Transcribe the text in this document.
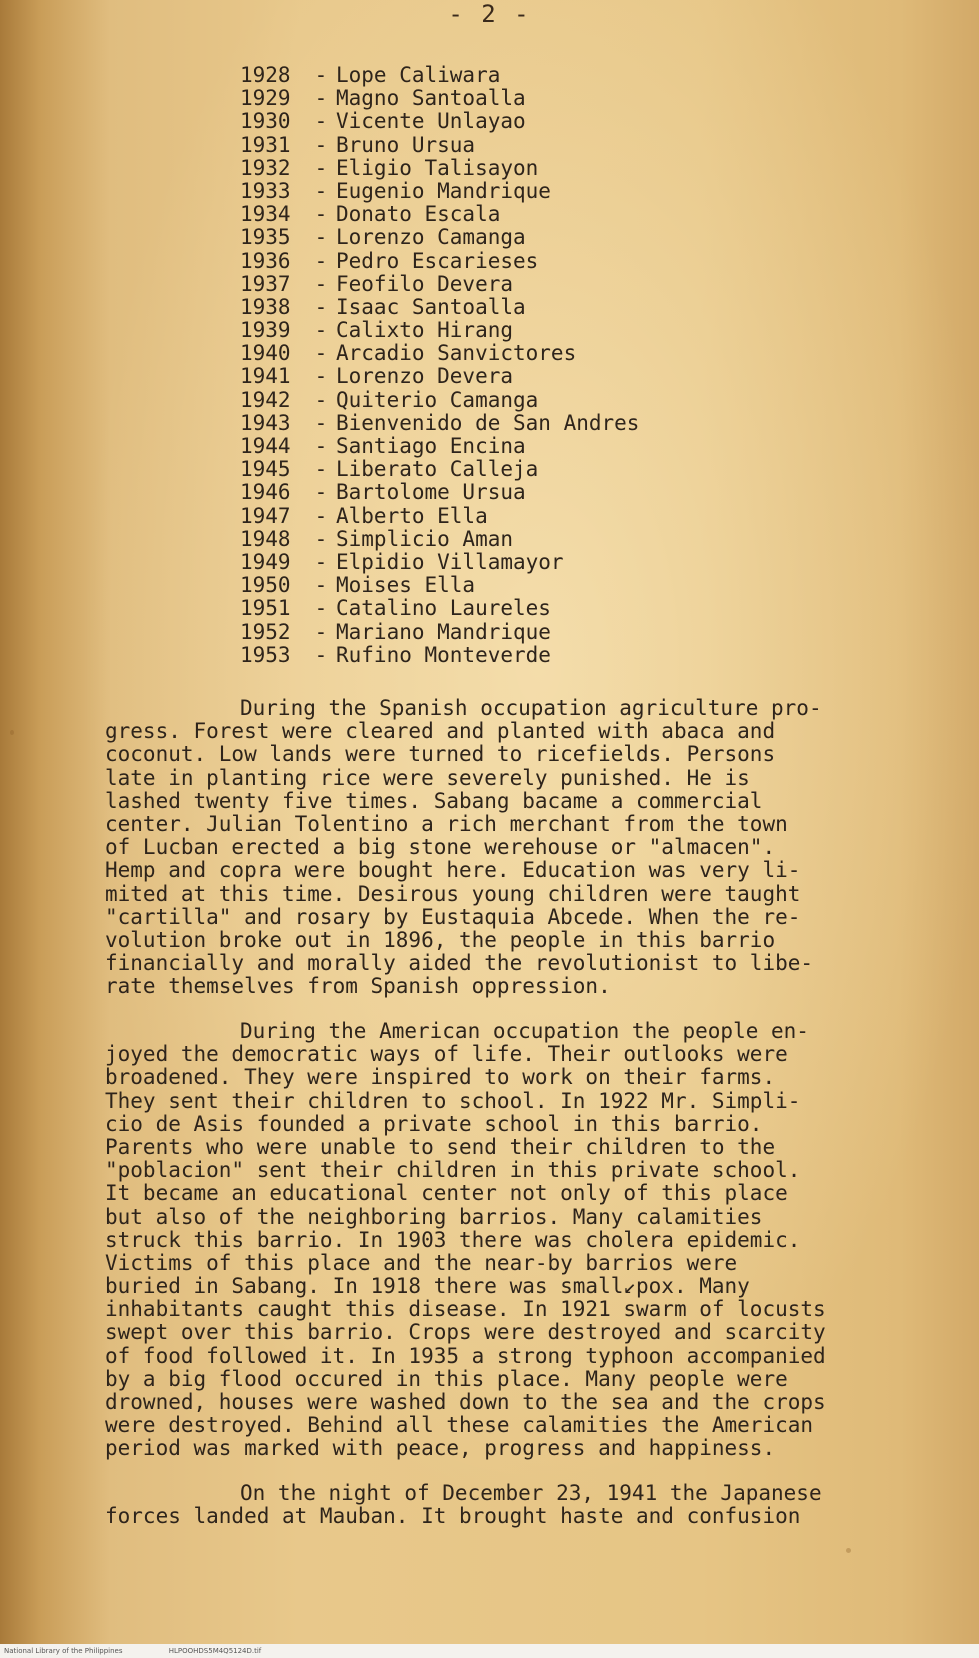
- 2 -
1928 - Lope Caliwara
1929 - Magno Santoalla
1930 - Vicente Unlayao
1931 - Bruno Ursua
1932 - Eligio Talisayon
1933 - Eugenio Mandrique
1934 - Donato Escala
1935 - Lorenzo Camanga
1936 - Pedro Escarieses
1937 - Feofilo Devera
1938 - Isaac Santoalla
1939 - Calixto Hirang
1940 - Arcadio Sanvictores
1941 - Lorenzo Devera
1942 - Quiterio Camanga
1943 - Bienvenido de San Andres
1944 - Santiago Encina
1945 - Liberato Calleja
1946 - Bartolome Ursua
1947 - Alberto Ella
1948 - Simplicio Aman
1949 - Elpidio Villamayor
1950 - Moises Ella
1951 - Catalino Laureles
1952 - Mariano Mandrique
1953 - Rufino Monteverde
During the Spanish occupation agriculture pro-
gress. Forest were cleared and planted with abaca and
coconut. Low lands were turned to ricefields. Persons
late in planting rice were severely punished. He is
lashed twenty five times. Sabang bacame a commercial
center. Julian Tolentino a rich merchant from the town
of Lucban erected a big stone werehouse or "almacen".
Hemp and copra were bought here. Education was very li-
mited at this time. Desirous young children were taught
"cartilla" and rosary by Eustaquia Abcede. When the re-
volution broke out in 1896, the people in this barrio
financially and morally aided the revolutionist to libe-
rate themselves from Spanish oppression.
During the American occupation the people en-
joyed the democratic ways of life. Their outlooks were
broadened. They were inspired to work on their farms.
They sent their children to school. In 1922 Mr. Simpli-
cio de Asis founded a private school in this barrio.
Parents who were unable to send their children to the
"poblacion" sent their children in this private school.
It became an educational center not only of this place
but also of the neighboring barrios. Many calamities
struck this barrio. In 1903 there was cholera epidemic.
Victims of this place and the near-by barrios were
buried in Sabang. In 1918 there was small↙pox. Many
inhabitants caught this disease. In 1921 swarm of locusts
swept over this barrio. Crops were destroyed and scarcity
of food followed it. In 1935 a strong typhoon accompanied
by a big flood occured in this place. Many people were
drowned, houses were washed down to the sea and the crops
were destroyed. Behind all these calamities the American
period was marked with peace, progress and happiness.
On the night of December 23, 1941 the Japanese
forces landed at Mauban. It brought haste and confusion
National Library of the Philippines	HLPOOHDS5M4Q5124D.tif
